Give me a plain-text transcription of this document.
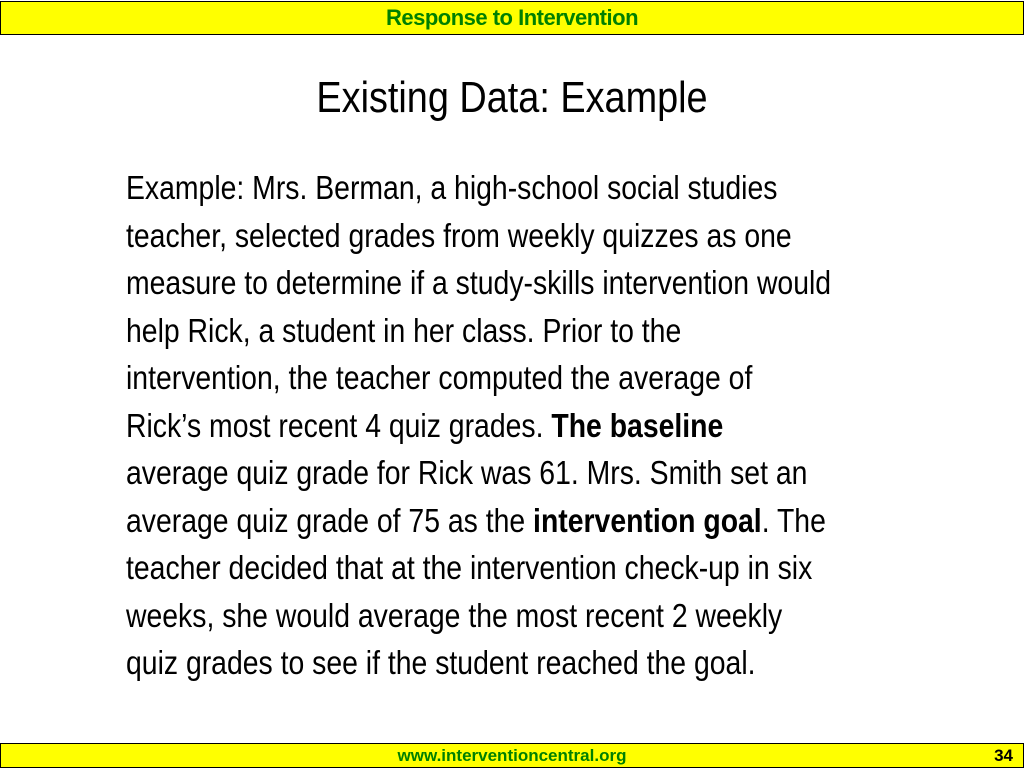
Response to Intervention
Existing Data: Example
Example: Mrs. Berman, a high-school social studies
teacher, selected grades from weekly quizzes as one
measure to determine if a study-skills intervention would
help Rick, a student in her class. Prior to the
intervention, the teacher computed the average of
Rick’s most recent 4 quiz grades. The baseline
average quiz grade for Rick was 61. Mrs. Smith set an
average quiz grade of 75 as the intervention goal. The
teacher decided that at the intervention check-up in six
weeks, she would average the most recent 2 weekly
quiz grades to see if the student reached the goal.
www.interventioncentral.org	34
